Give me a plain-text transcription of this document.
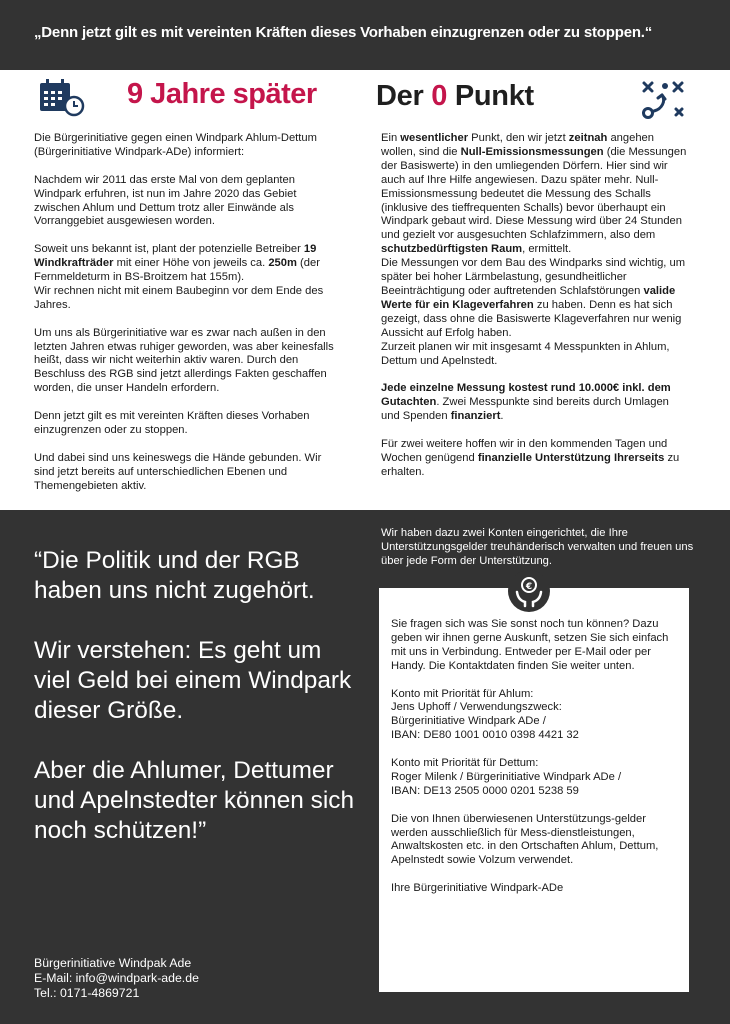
„Denn jetzt gilt es mit vereinten Kräften dieses Vorhaben einzugrenzen oder zu stoppen.“
9 Jahre später Der 0 Punkt

Die Bürgerinitiative gegen einen Windpark Ahlum-Dettum (Bürgerinitiative Windpark-ADe) informiert:

Nachdem wir 2011 das erste Mal von dem geplanten Windpark erfuhren, ist nun im Jahre 2020 das Gebiet zwischen Ahlum und Dettum trotz aller Einwände als Vorranggebiet ausgewiesen worden.

Soweit uns bekannt ist, plant der potenzielle Betreiber 19 Windkrafträder mit einer Höhe von jeweils ca. 250m (der Fernmeldeturm in BS-Broitzem hat 155m).
Wir rechnen nicht mit einem Baubeginn vor dem Ende des Jahres.

Um uns als Bürgerinitiative war es zwar nach außen in den letzten Jahren etwas ruhiger geworden, was aber keinesfalls heißt, dass wir nicht weiterhin aktiv waren. Durch den Beschluss des RGB sind jetzt allerdings Fakten geschaffen worden, die unser Handeln erfordern.

Denn jetzt gilt es mit vereinten Kräften dieses Vorhaben einzugrenzen oder zu stoppen.

Und dabei sind uns keineswegs die Hände gebunden. Wir sind jetzt bereits auf unterschiedlichen Ebenen und Themengebieten aktiv.

Ein wesentlicher Punkt, den wir jetzt zeitnah angehen wollen, sind die Null-Emissionsmessungen (die Messungen der Basiswerte) in den umliegenden Dörfern. Hier sind wir auch auf Ihre Hilfe angewiesen. Dazu später mehr. Null-Emissionsmessung bedeutet die Messung des Schalls (inklusive des tieffrequenten Schalls) bevor überhaupt ein Windpark gebaut wird. Diese Messung wird über 24 Stunden und gezielt vor ausgesuchten Schlafzimmern, also dem schutzbedürftigsten Raum, ermittelt.
Die Messungen vor dem Bau des Windparks sind wichtig, um später bei hoher Lärmbelastung, gesundheitlicher Beeinträchtigung oder auftretenden Schlafstörungen valide Werte für ein Klageverfahren zu haben. Denn es hat sich gezeigt, dass ohne die Basiswerte Klageverfahren nur wenig Aussicht auf Erfolg haben.
Zurzeit planen wir mit insgesamt 4 Messpunkten in Ahlum, Dettum und Apelnstedt.

Jede einzelne Messung kostest rund 10.000€ inkl. dem Gutachten. Zwei Messpunkte sind bereits durch Umlagen und Spenden finanziert.

Für zwei weitere hoffen wir in den kommenden Tagen und Wochen genügend finanzielle Unterstützung Ihrerseits zu erhalten.

“Die Politik und der RGB haben uns nicht zugehört.

Wir verstehen: Es geht um viel Geld bei einem Windpark dieser Größe.

Aber die Ahlumer, Dettumer und Apelnstedter können sich noch schützen!”

Bürgerinitiative Windpak Ade
E-Mail: info@windpark-ade.de
Tel.: 0171-4869721
Wir haben dazu zwei Konten eingerichtet, die Ihre Unterstützungsgelder treuhänderisch verwalten und freuen uns über jede Form der Unterstützung.

Sie fragen sich was Sie sonst noch tun können? Dazu geben wir ihnen gerne Auskunft, setzen Sie sich einfach mit uns in Verbindung. Entweder per E-Mail oder per Handy. Die Kontaktdaten finden Sie weiter unten.

Konto mit Priorität für Ahlum:
Jens Uphoff / Verwendungszweck:
Bürgerinitiative Windpark ADe /
IBAN: DE80 1001 0010 0398 4421 32

Konto mit Priorität für Dettum:
Roger Milenk / Bürgerinitiative Windpark ADe /
IBAN: DE13 2505 0000 0201 5238 59

Die von Ihnen überwiesenen Unterstützungs-gelder werden ausschließlich für Mess-dienstleistungen, Anwaltskosten etc. in den Ortschaften Ahlum, Dettum, Apelnstedt sowie Volzum verwendet.

Ihre Bürgerinitiative Windpark-ADe

€
